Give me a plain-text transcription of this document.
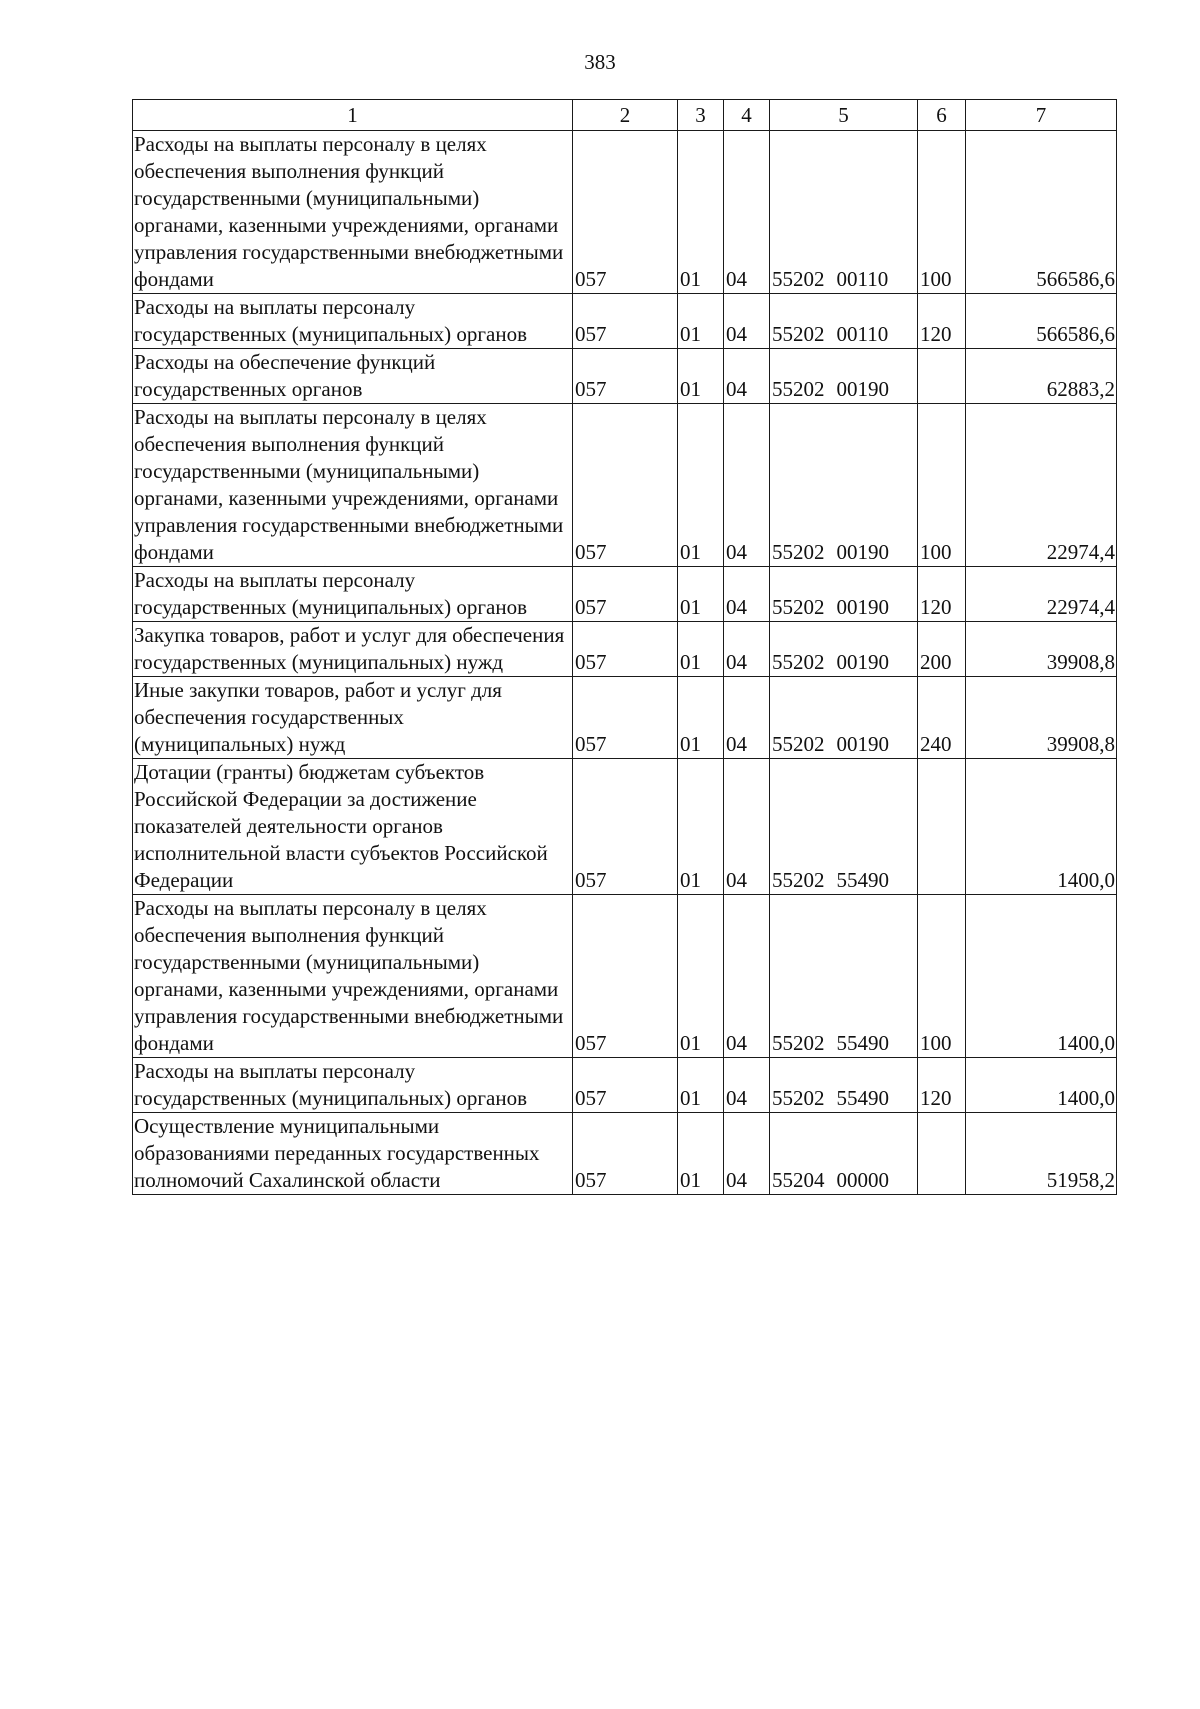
383
1	2	3	4	5	6	7
Расходы на выплаты персоналу в целях обеспечения выполнения функций государственными (муниципальными) органами, казенными учреждениями, органами управления государственными внебюджетными фондами	057	01	04	55202 00110	100	566586,6
Расходы на выплаты персоналу государственных (муниципальных) органов	057	01	04	55202 00110	120	566586,6
Расходы на обеспечение функций государственных органов	057	01	04	55202 00190		62883,2
Расходы на выплаты персоналу в целях обеспечения выполнения функций государственными (муниципальными) органами, казенными учреждениями, органами управления государственными внебюджетными фондами	057	01	04	55202 00190	100	22974,4
Расходы на выплаты персоналу государственных (муниципальных) органов	057	01	04	55202 00190	120	22974,4
Закупка товаров, работ и услуг для обеспечения государственных (муниципальных) нужд	057	01	04	55202 00190	200	39908,8
Иные закупки товаров, работ и услуг для обеспечения государственных (муниципальных) нужд	057	01	04	55202 00190	240	39908,8
Дотации (гранты) бюджетам субъектов Российской Федерации за достижение показателей деятельности органов исполнительной власти субъектов Российской Федерации	057	01	04	55202 55490		1400,0
Расходы на выплаты персоналу в целях обеспечения выполнения функций государственными (муниципальными) органами, казенными учреждениями, органами управления государственными внебюджетными фондами	057	01	04	55202 55490	100	1400,0
Расходы на выплаты персоналу государственных (муниципальных) органов	057	01	04	55202 55490	120	1400,0
Осуществление муниципальными образованиями переданных государственных полномочий Сахалинской области	057	01	04	55204 00000		51958,2
